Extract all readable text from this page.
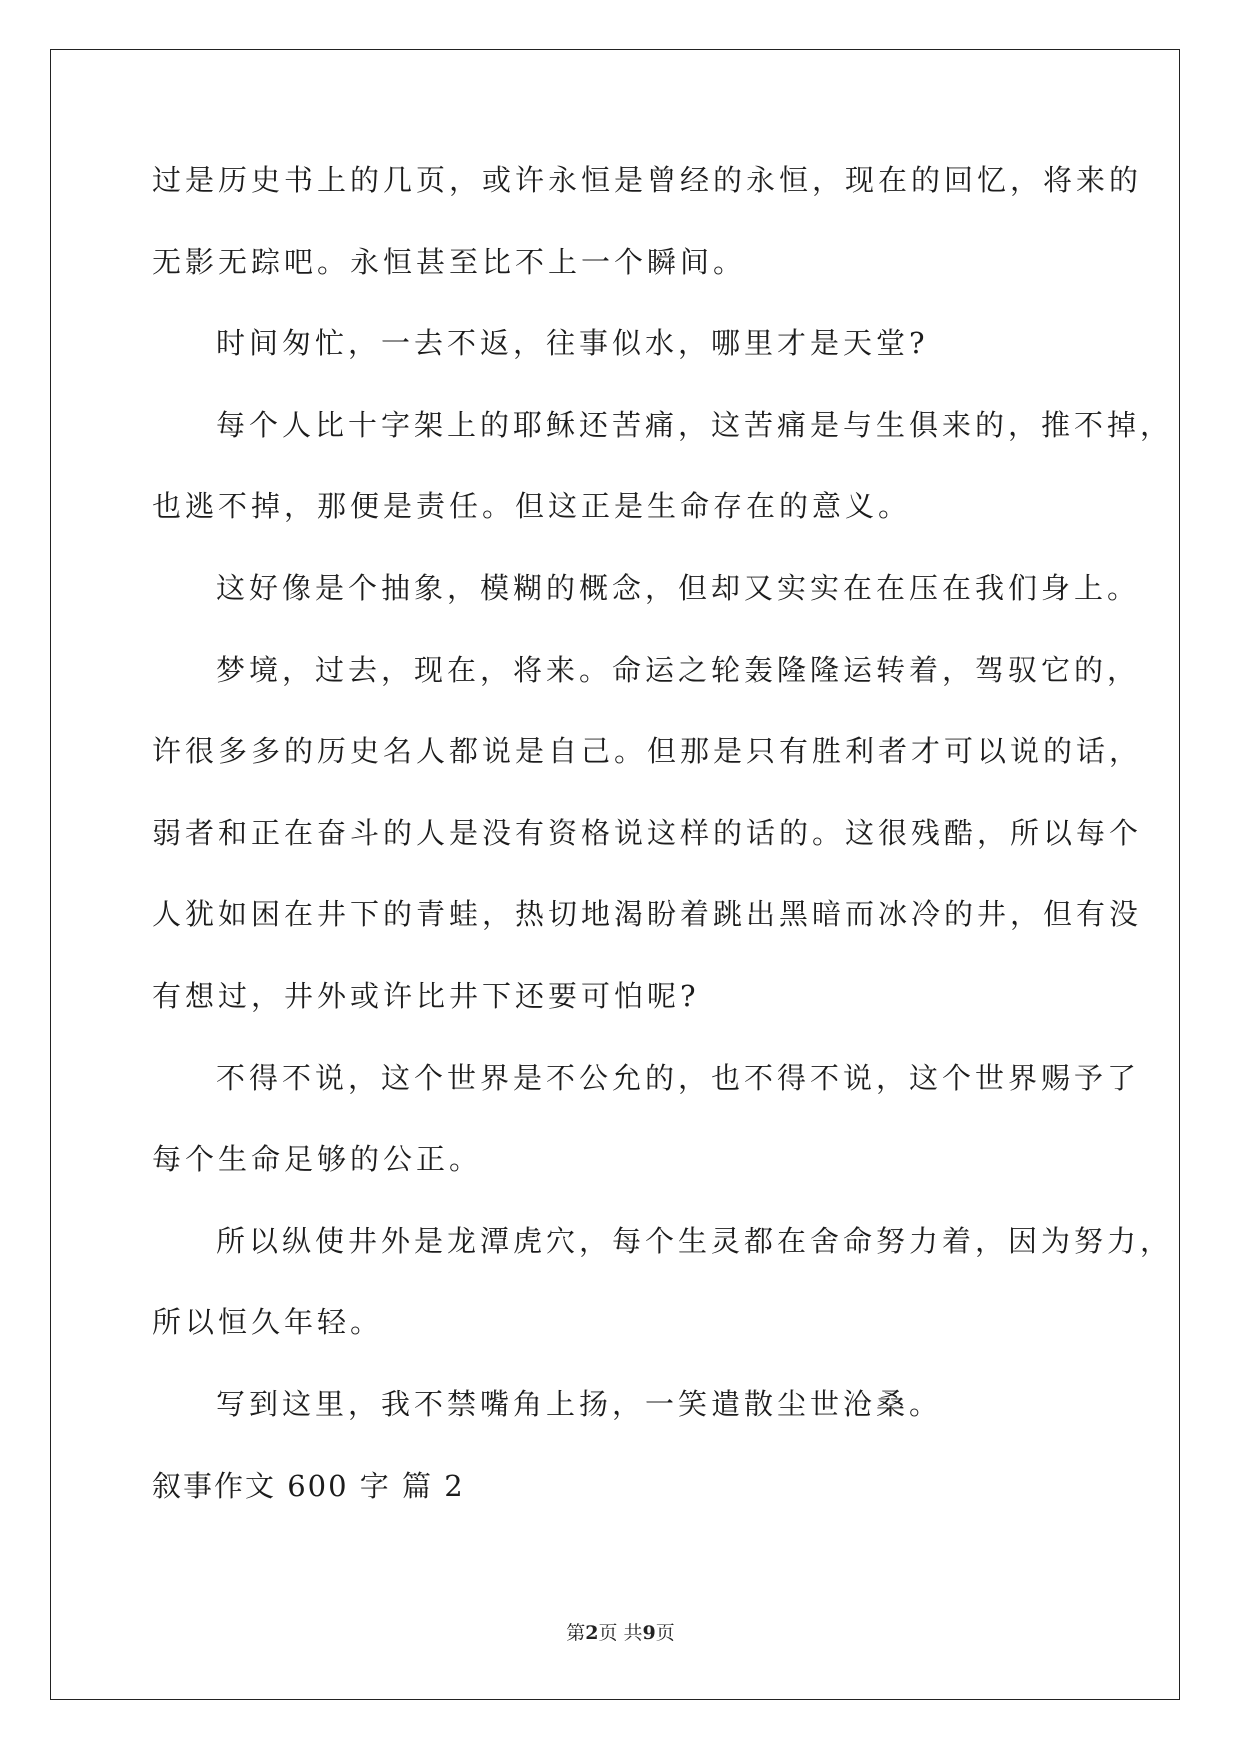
过是历史书上的几页，或许永恒是曾经的永恒，现在的回忆，将来的
无影无踪吧。永恒甚至比不上一个瞬间。
时间匆忙，一去不返，往事似水，哪里才是天堂?
每个人比十字架上的耶稣还苦痛，这苦痛是与生俱来的，推不掉，
也逃不掉，那便是责任。但这正是生命存在的意义。
这好像是个抽象，模糊的概念，但却又实实在在压在我们身上。
梦境，过去，现在，将来。命运之轮轰隆隆运转着，驾驭它的，
许很多多的历史名人都说是自己。但那是只有胜利者才可以说的话，
弱者和正在奋斗的人是没有资格说这样的话的。这很残酷，所以每个
人犹如困在井下的青蛙，热切地渴盼着跳出黑暗而冰冷的井，但有没
有想过，井外或许比井下还要可怕呢?
不得不说，这个世界是不公允的，也不得不说，这个世界赐予了
每个生命足够的公正。
所以纵使井外是龙潭虎穴，每个生灵都在舍命努力着，因为努力，
所以恒久年轻。
写到这里，我不禁嘴角上扬，一笑遣散尘世沧桑。
叙事作文 600 字 篇 2
第2页 共9页
